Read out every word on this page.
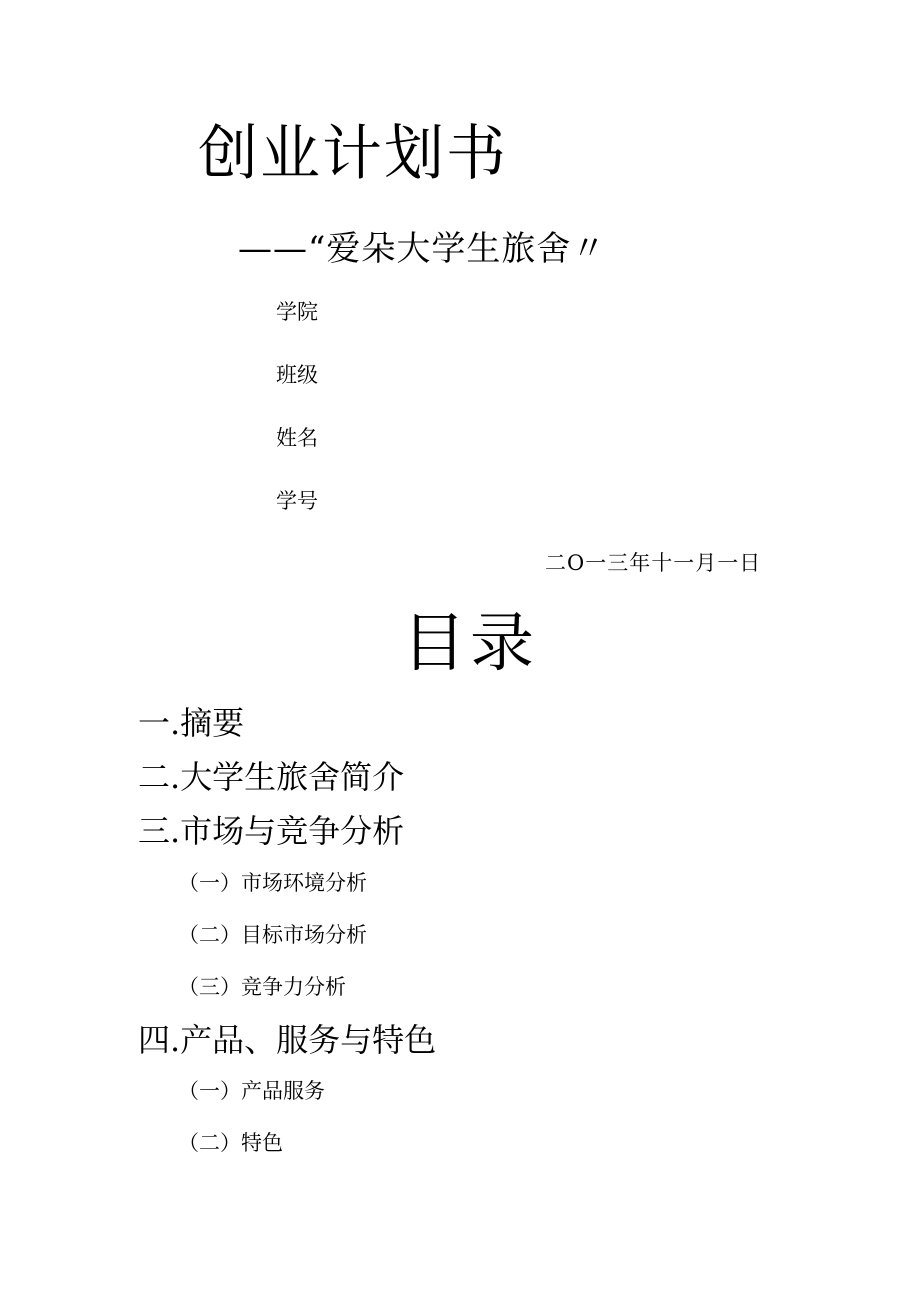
创业计划书
——“爱朵大学生旅舍〃
学院
班级
姓名
学号
二O一三年十一月一日
目录
一.摘要
二.大学生旅舍简介
三.市场与竞争分析
（一）市场环境分析
（二）目标市场分析
（三）竞争力分析
四.产品、服务与特色
（一）产品服务
（二）特色
